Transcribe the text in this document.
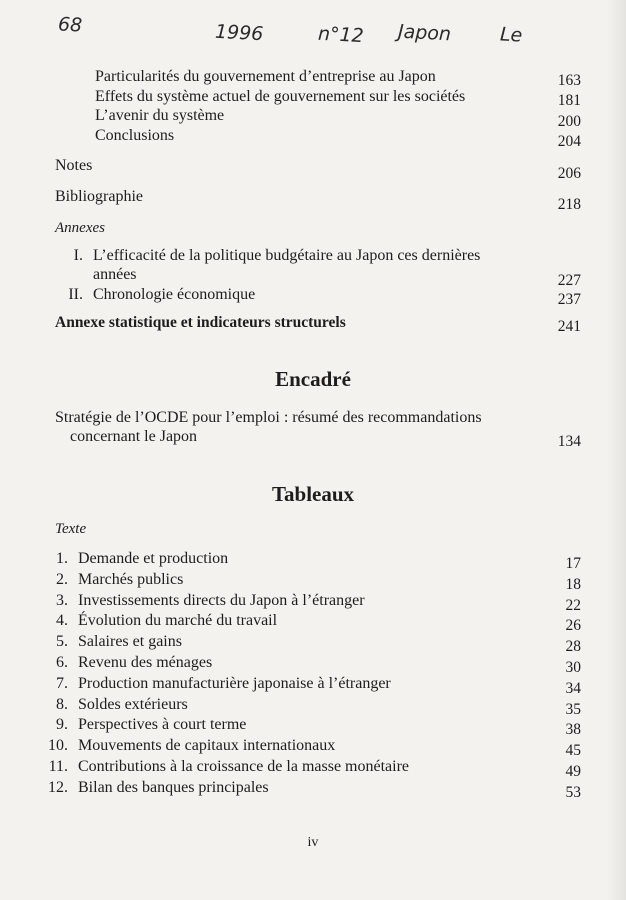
68	1996	n°12 Japon	Le
Particularités du gouvernement d’entreprise au Japon	163
Effets du système actuel de gouvernement sur les sociétés	181
L’avenir du système	200
Conclusions	204
Notes	206
Bibliographie	218
Annexes
I. L’efficacité de la politique budgétaire au Japon ces dernières
années	227
II. Chronologie économique	237
Annexe statistique et indicateurs structurels	241
Encadré
Stratégie de l’OCDE pour l’emploi : résumé des recommandations
concernant le Japon	134
Tableaux
Texte
1. Demande et production	17
2. Marchés publics	18
3. Investissements directs du Japon à l’étranger	22
4. Évolution du marché du travail	26
5. Salaires et gains	28
6. Revenu des ménages	30
7. Production manufacturière japonaise à l’étranger	34
8. Soldes extérieurs	35
9. Perspectives à court terme	38
10. Mouvements de capitaux internationaux	45
11. Contributions à la croissance de la masse monétaire	49
12. Bilan des banques principales	53
iv
